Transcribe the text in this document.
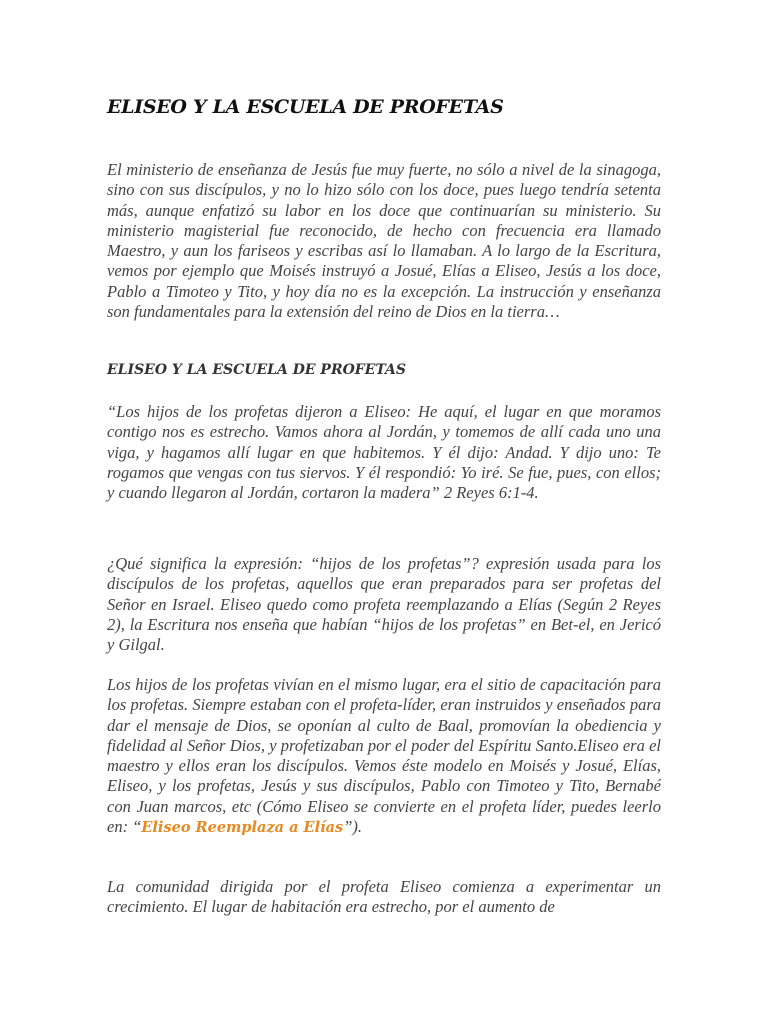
ELISEO Y LA ESCUELA DE PROFETAS

El ministerio de enseñanza de Jesús fue muy fuerte, no sólo a nivel de la sinagoga, sino con sus discípulos, y no lo hizo sólo con los doce, pues luego tendría setenta más, aunque enfatizó su labor en los doce que continuarían su ministerio. Su ministerio magisterial fue reconocido, de hecho con frecuencia era llamado Maestro, y aun los fariseos y escribas así lo llamaban. A lo largo de la Escritura, vemos por ejemplo que Moisés instruyó a Josué, Elías a Eliseo, Jesús a los doce, Pablo a Timoteo y Tito, y hoy día no es la excepción. La instrucción y enseñanza son fundamentales para la extensión del reino de Dios en la tierra…

ELISEO Y LA ESCUELA DE PROFETAS

“Los hijos de los profetas dijeron a Eliseo: He aquí, el lugar en que moramos contigo nos es estrecho. Vamos ahora al Jordán, y tomemos de allí cada uno una viga, y hagamos allí lugar en que habitemos. Y él dijo: Andad. Y dijo uno: Te rogamos que vengas con tus siervos. Y él respondió: Yo iré. Se fue, pues, con ellos; y cuando llegaron al Jordán, cortaron la madera” 2 Reyes 6:1-4.

¿Qué significa la expresión: “hijos de los profetas”? expresión usada para los discípulos de los profetas, aquellos que eran preparados para ser profetas del Señor en Israel. Eliseo quedo como profeta reemplazando a Elías (Según 2 Reyes 2), la Escritura nos enseña que habían “hijos de los profetas” en Bet-el, en Jericó y Gilgal.

Los hijos de los profetas vivían en el mismo lugar, era el sitio de capacitación para los profetas. Siempre estaban con el profeta-líder, eran instruidos y enseñados para dar el mensaje de Dios, se oponían al culto de Baal, promovían la obediencia y fidelidad al Señor Dios, y profetizaban por el poder del Espíritu Santo.Eliseo era el maestro y ellos eran los discípulos. Vemos éste modelo en Moisés y Josué, Elías, Eliseo, y los profetas, Jesús y sus discípulos, Pablo con Timoteo y Tito, Bernabé con Juan marcos, etc (Cómo Eliseo se convierte en el profeta líder, puedes leerlo en: “Eliseo Reemplaza a Elías”).

La comunidad dirigida por el profeta Eliseo comienza a experimentar un crecimiento. El lugar de habitación era estrecho, por el aumento de
